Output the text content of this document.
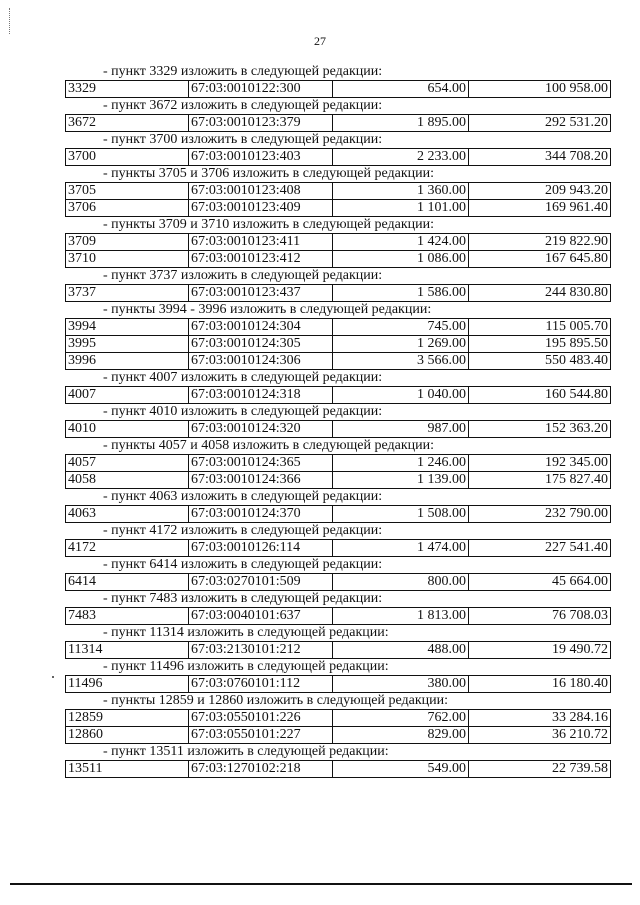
27
- пункт 3329 изложить в следующей редакции:
3329	67:03:0010122:300	654.00	100 958.00
- пункт 3672 изложить в следующей редакции:
3672	67:03:0010123:379	1 895.00	292 531.20
- пункт 3700 изложить в следующей редакции:
3700	67:03:0010123:403	2 233.00	344 708.20
- пункты 3705 и 3706 изложить в следующей редакции:
3705	67:03:0010123:408	1 360.00	209 943.20
3706	67:03:0010123:409	1 101.00	169 961.40
- пункты 3709 и 3710 изложить в следующей редакции:
3709	67:03:0010123:411	1 424.00	219 822.90
3710	67:03:0010123:412	1 086.00	167 645.80
- пункт 3737 изложить в следующей редакции:
3737	67:03:0010123:437	1 586.00	244 830.80
- пункты 3994 - 3996 изложить в следующей редакции:
3994	67:03:0010124:304	745.00	115 005.70
3995	67:03:0010124:305	1 269.00	195 895.50
3996	67:03:0010124:306	3 566.00	550 483.40
- пункт 4007 изложить в следующей редакции:
4007	67:03:0010124:318	1 040.00	160 544.80
- пункт 4010 изложить в следующей редакции:
4010	67:03:0010124:320	987.00	152 363.20
- пункты 4057 и 4058 изложить в следующей редакции:
4057	67:03:0010124:365	1 246.00	192 345.00
4058	67:03:0010124:366	1 139.00	175 827.40
- пункт 4063 изложить в следующей редакции:
4063	67:03:0010124:370	1 508.00	232 790.00
- пункт 4172 изложить в следующей редакции:
4172	67:03:0010126:114	1 474.00	227 541.40
- пункт 6414 изложить в следующей редакции:
6414	67:03:0270101:509	800.00	45 664.00
- пункт 7483 изложить в следующей редакции:
7483	67:03:0040101:637	1 813.00	76 708.03
- пункт 11314 изложить в следующей редакции:
11314	67:03:2130101:212	488.00	19 490.72
- пункт 11496 изложить в следующей редакции:
11496	67:03:0760101:112	380.00	16 180.40
- пункты 12859 и 12860 изложить в следующей редакции:
12859	67:03:0550101:226	762.00	33 284.16
12860	67:03:0550101:227	829.00	36 210.72
- пункт 13511 изложить в следующей редакции:
13511	67:03:1270102:218	549.00	22 739.58
